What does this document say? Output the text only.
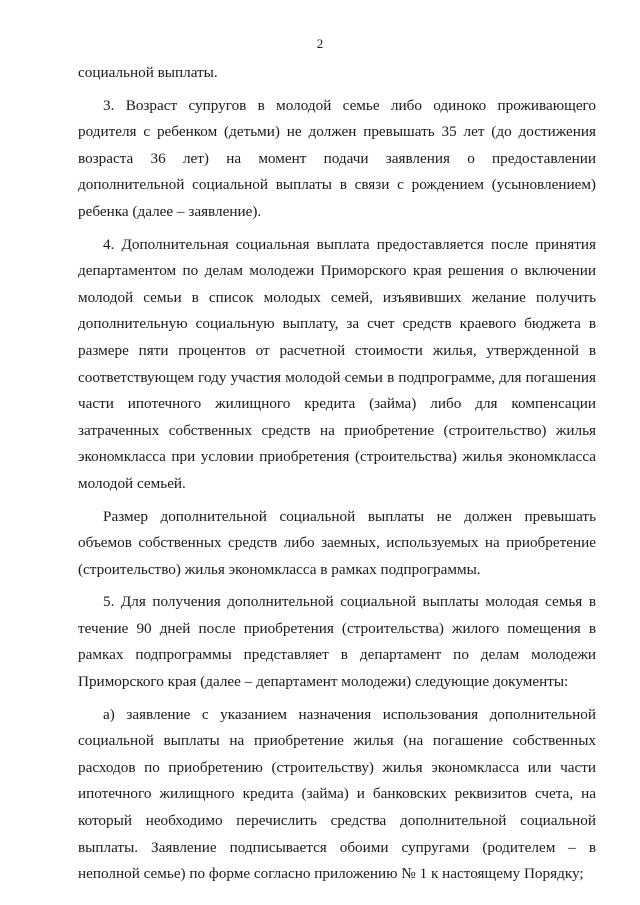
2

социальной выплаты.

3. Возраст супругов в молодой семье либо одиноко проживающего родителя с ребенком (детьми) не должен превышать 35 лет (до достижения возраста 36 лет) на момент подачи заявления о предоставлении дополнительной социальной выплаты в связи с рождением (усыновлением) ребенка (далее – заявление).

4. Дополнительная социальная выплата предоставляется после принятия департаментом по делам молодежи Приморского края решения о включении молодой семьи в список молодых семей, изъявивших желание получить дополнительную социальную выплату, за счет средств краевого бюджета в размере пяти процентов от расчетной стоимости жилья, утвержденной в соответствующем году участия молодой семьи в подпрограмме, для погашения части ипотечного жилищного кредита (займа) либо для компенсации затраченных собственных средств на приобретение (строительство) жилья экономкласса при условии приобретения (строительства) жилья экономкласса молодой семьей.

Размер дополнительной социальной выплаты не должен превышать объемов собственных средств либо заемных, используемых на приобретение (строительство) жилья экономкласса в рамках подпрограммы.

5. Для получения дополнительной социальной выплаты молодая семья в течение 90 дней после приобретения (строительства) жилого помещения в рамках подпрограммы представляет в департамент по делам молодежи Приморского края (далее – департамент молодежи) следующие документы:

а) заявление с указанием назначения использования дополнительной социальной выплаты на приобретение жилья (на погашение собственных расходов по приобретению (строительству) жилья экономкласса или части ипотечного жилищного кредита (займа) и банковских реквизитов счета, на который необходимо перечислить средства дополнительной социальной выплаты. Заявление подписывается обоими супругами (родителем – в неполной семье) по форме согласно приложению № 1 к настоящему Порядку;
